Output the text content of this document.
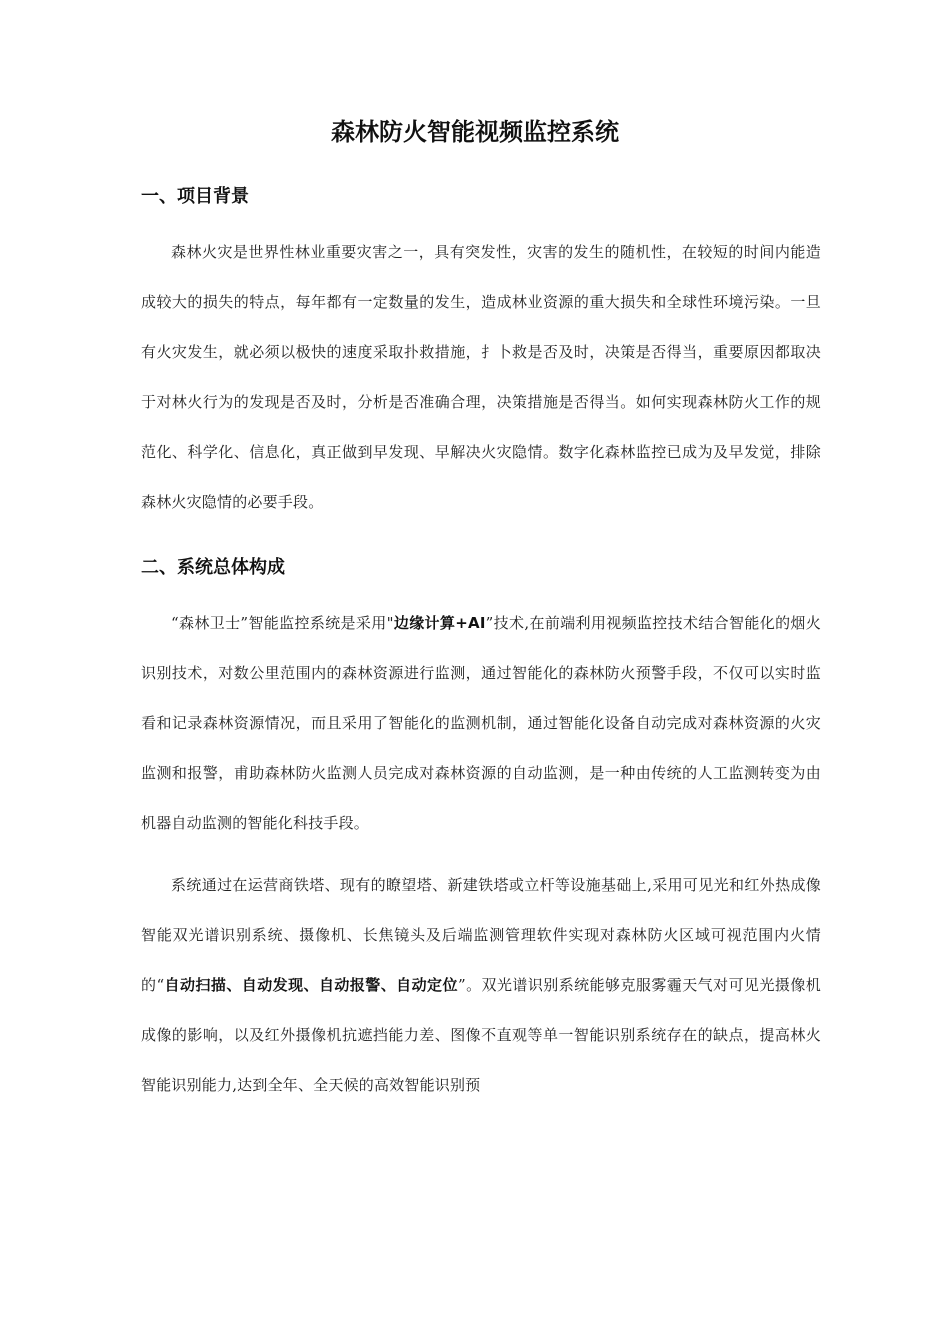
森林防火智能视频监控系统
一、项目背景

森林火灾是世界性林业重要灾害之一，具有突发性，灾害的发生的随机性，在较短的时间内能造成较大的损失的特点，每年都有一定数量的发生，造成林业资源的重大损失和全球性环境污染。一旦有火灾发生，就必须以极快的速度采取扑救措施，扌卜救是否及时，决策是否得当，重要原因都取决于对林火行为的发现是否及时，分析是否准确合理，决策措施是否得当。如何实现森林防火工作的规范化、科学化、信息化，真正做到早发现、早解决火灾隐情。数字化森林监控已成为及早发觉，排除森林火灾隐情的必要手段。

二、系统总体构成

“森林卫士”智能监控系统是采用"边缘计算+AI”技术,在前端利用视频监控技术结合智能化的烟火识别技术，对数公里范围内的森林资源进行监测，通过智能化的森林防火预警手段，不仅可以实时监看和记录森林资源情况，而且采用了智能化的监测机制，通过智能化设备自动完成对森林资源的火灾监测和报警，甫助森林防火监测人员完成对森林资源的自动监测，是一种由传统的人工监测转变为由机器自动监测的智能化科技手段。

系统通过在运营商铁塔、现有的瞭望塔、新建铁塔或立杆等设施基础上,采用可见光和红外热成像智能双光谱识别系统、摄像机、长焦镜头及后端监测管理软件实现对森林防火区域可视范围内火情的“自动扫描、自动发现、自动报警、自动定位”。双光谱识别系统能够克服雾霾天气对可见光摄像机成像的影响，以及红外摄像机抗遮挡能力差、图像不直观等单一智能识别系统存在的缺点，提高林火智能识别能力,达到全年、全天候的高效智能识别预
